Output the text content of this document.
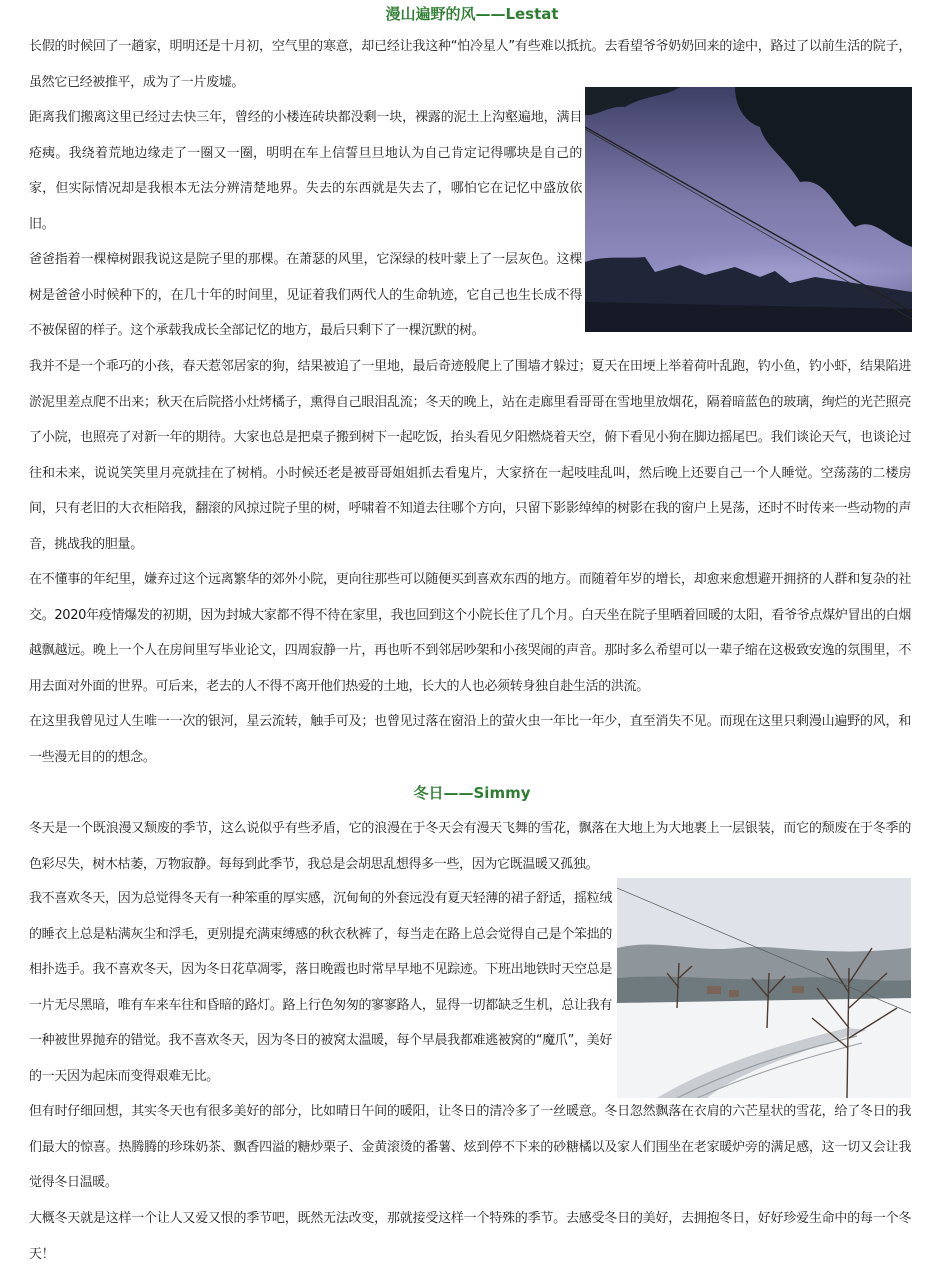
漫山遍野的风——Lestat

长假的时候回了一趟家，明明还是十月初，空气里的寒意，却已经让我这种“怕冷星人”有些难以抵抗。去看望爷爷奶奶回来的途中，路过了以前生活的院子，虽然它已经被推平，成为了一片废墟。

距离我们搬离这里已经过去快三年，曾经的小楼连砖块都没剩一块，裸露的泥土上沟壑遍地，满目疮痍。我绕着荒地边缘走了一圈又一圈，明明在车上信誓旦旦地认为自己肯定记得哪块是自己的家，但实际情况却是我根本无法分辨清楚地界。失去的东西就是失去了，哪怕它在记忆中盛放依旧。

爸爸指着一棵樟树跟我说这是院子里的那棵。在萧瑟的风里，它深绿的枝叶蒙上了一层灰色。这棵树是爸爸小时候种下的，在几十年的时间里，见证着我们两代人的生命轨迹，它自己也生长成不得不被保留的样子。这个承载我成长全部记忆的地方，最后只剩下了一棵沉默的树。

我并不是一个乖巧的小孩，春天惹邻居家的狗，结果被追了一里地，最后奇迹般爬上了围墙才躲过；夏天在田埂上举着荷叶乱跑，钓小鱼，钓小虾，结果陷进淤泥里差点爬不出来；秋天在后院搭小灶烤橘子，熏得自己眼泪乱流；冬天的晚上，站在走廊里看哥哥在雪地里放烟花，隔着暗蓝色的玻璃，绚烂的光芒照亮了小院，也照亮了对新一年的期待。大家也总是把桌子搬到树下一起吃饭，抬头看见夕阳燃烧着天空，俯下看见小狗在脚边摇尾巴。我们谈论天气，也谈论过往和未来，说说笑笑里月亮就挂在了树梢。小时候还老是被哥哥姐姐抓去看鬼片，大家挤在一起吱哇乱叫，然后晚上还要自己一个人睡觉。空荡荡的二楼房间，只有老旧的大衣柜陪我，翻滚的风掠过院子里的树，呼啸着不知道去往哪个方向，只留下影影绰绰的树影在我的窗户上晃荡，还时不时传来一些动物的声音，挑战我的胆量。

在不懂事的年纪里，嫌弃过这个远离繁华的郊外小院，更向往那些可以随便买到喜欢东西的地方。而随着年岁的增长，却愈来愈想避开拥挤的人群和复杂的社交。2020年疫情爆发的初期，因为封城大家都不得不待在家里，我也回到这个小院长住了几个月。白天坐在院子里晒着回暖的太阳，看爷爷点煤炉冒出的白烟越飘越远。晚上一个人在房间里写毕业论文，四周寂静一片，再也听不到邻居吵架和小孩哭闹的声音。那时多么希望可以一辈子缩在这极致安逸的氛围里，不用去面对外面的世界。可后来，老去的人不得不离开他们热爱的土地，长大的人也必须转身独自赴生活的洪流。

在这里我曾见过人生唯一一次的银河，星云流转，触手可及；也曾见过落在窗沿上的萤火虫一年比一年少，直至消失不见。而现在这里只剩漫山遍野的风，和一些漫无目的的想念。

冬日——Simmy

冬天是一个既浪漫又颓废的季节，这么说似乎有些矛盾，它的浪漫在于冬天会有漫天飞舞的雪花，飘落在大地上为大地裹上一层银装，而它的颓废在于冬季的色彩尽失，树木枯萎，万物寂静。每每到此季节，我总是会胡思乱想得多一些，因为它既温暖又孤独。

我不喜欢冬天，因为总觉得冬天有一种笨重的厚实感，沉甸甸的外套远没有夏天轻薄的裙子舒适，摇粒绒的睡衣上总是粘满灰尘和浮毛，更别提充满束缚感的秋衣秋裤了，每当走在路上总会觉得自己是个笨拙的相扑选手。我不喜欢冬天，因为冬日花草凋零，落日晚霞也时常早早地不见踪迹。下班出地铁时天空总是一片无尽黑暗，唯有车来车往和昏暗的路灯。路上行色匆匆的寥寥路人，显得一切都缺乏生机，总让我有一种被世界抛弃的错觉。我不喜欢冬天，因为冬日的被窝太温暖，每个早晨我都难逃被窝的“魔爪”，美好的一天因为起床而变得艰难无比。

但有时仔细回想，其实冬天也有很多美好的部分，比如晴日午间的暖阳，让冬日的清冷多了一丝暖意。冬日忽然飘落在衣肩的六芒星状的雪花，给了冬日的我们最大的惊喜。热腾腾的珍珠奶茶、飘香四溢的糖炒栗子、金黄滚烫的番薯、炫到停不下来的砂糖橘以及家人们围坐在老家暖炉旁的满足感，这一切又会让我觉得冬日温暖。

大概冬天就是这样一个让人又爱又恨的季节吧，既然无法改变，那就接受这样一个特殊的季节。去感受冬日的美好，去拥抱冬日，好好珍爱生命中的每一个冬天！
